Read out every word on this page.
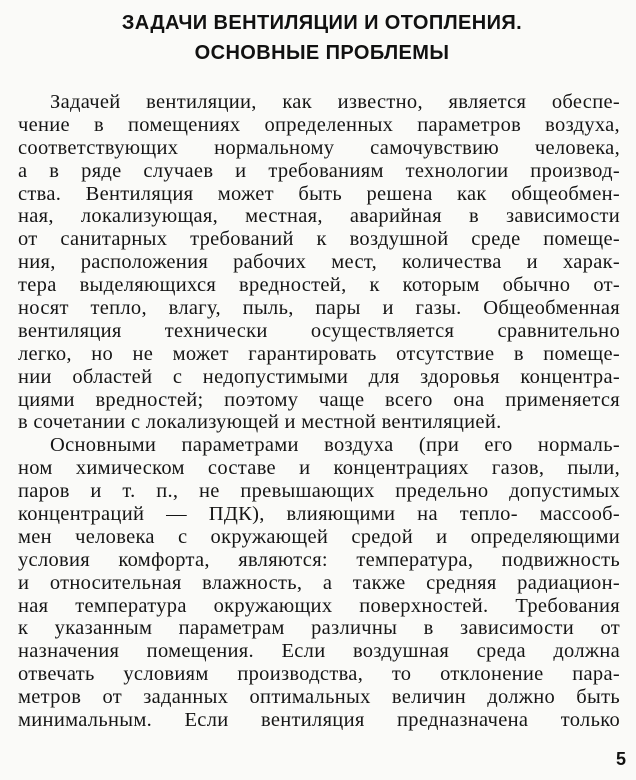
ЗАДАЧИ ВЕНТИЛЯЦИИ И ОТОПЛЕНИЯ.
ОСНОВНЫЕ ПРОБЛЕМЫ
Задачей вентиляции, как известно, является обеспе-
чение в помещениях определенных параметров воздуха,
соответствующих нормальному самочувствию человека,
а в ряде случаев и требованиям технологии производ-
ства. Вентиляция может быть решена как общеобмен-
ная, локализующая, местная, аварийная в зависимости
от санитарных требований к воздушной среде помеще-
ния, расположения рабочих мест, количества и харак-
тера выделяющихся вредностей, к которым обычно от-
носят тепло, влагу, пыль, пары и газы. Общеобменная
вентиляция технически осуществляется сравнительно
легко, но не может гарантировать отсутствие в помеще-
нии областей с недопустимыми для здоровья концентра-
циями вредностей; поэтому чаще всего она применяется
в сочетании с локализующей и местной вентиляцией.
Основными параметрами воздуха (при его нормаль-
ном химическом составе и концентрациях газов, пыли,
паров и т. п., не превышающих предельно допустимых
концентраций — ПДК), влияющими на тепло- массооб-
мен человека с окружающей средой и определяющими
условия комфорта, являются: температура, подвижность
и относительная влажность, а также средняя радиацион-
ная температура окружающих поверхностей. Требования
к указанным параметрам различны в зависимости от
назначения помещения. Если воздушная среда должна
отвечать условиям производства, то отклонение пара-
метров от заданных оптимальных величин должно быть
минимальным. Если вентиляция предназначена только
5
